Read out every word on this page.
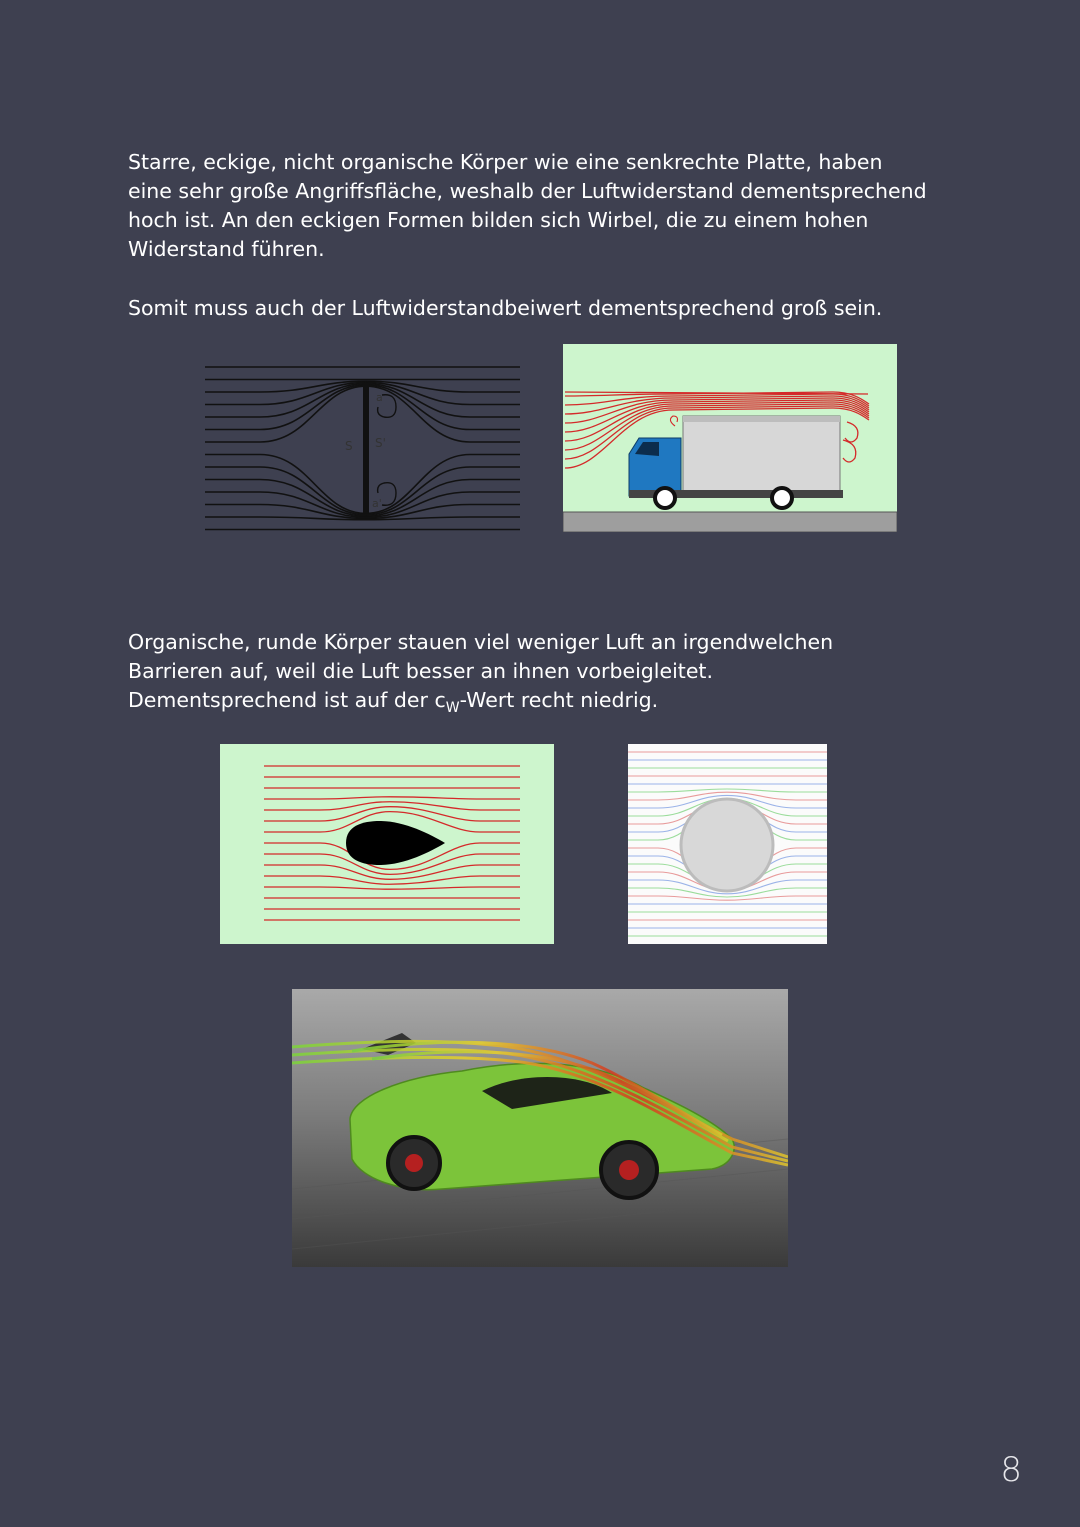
Starre, eckige, nicht organische Körper wie eine senkrechte Platte, haben eine sehr große Angriffsfläche, weshalb der Luftwiderstand dementsprechend hoch ist. An den eckigen Formen bilden sich Wirbel, die zu einem hohen Widerstand führen.

Somit muss auch der Luftwiderstandbeiwert dementsprechend groß sein.

Organische, runde Körper stauen viel weniger Luft an irgendwelchen Barrieren auf, weil die Luft besser an ihnen vorbeigleitet.
Dementsprechend ist auf der $c_W$-Wert recht niedrig.

S S'
a
a'
8
